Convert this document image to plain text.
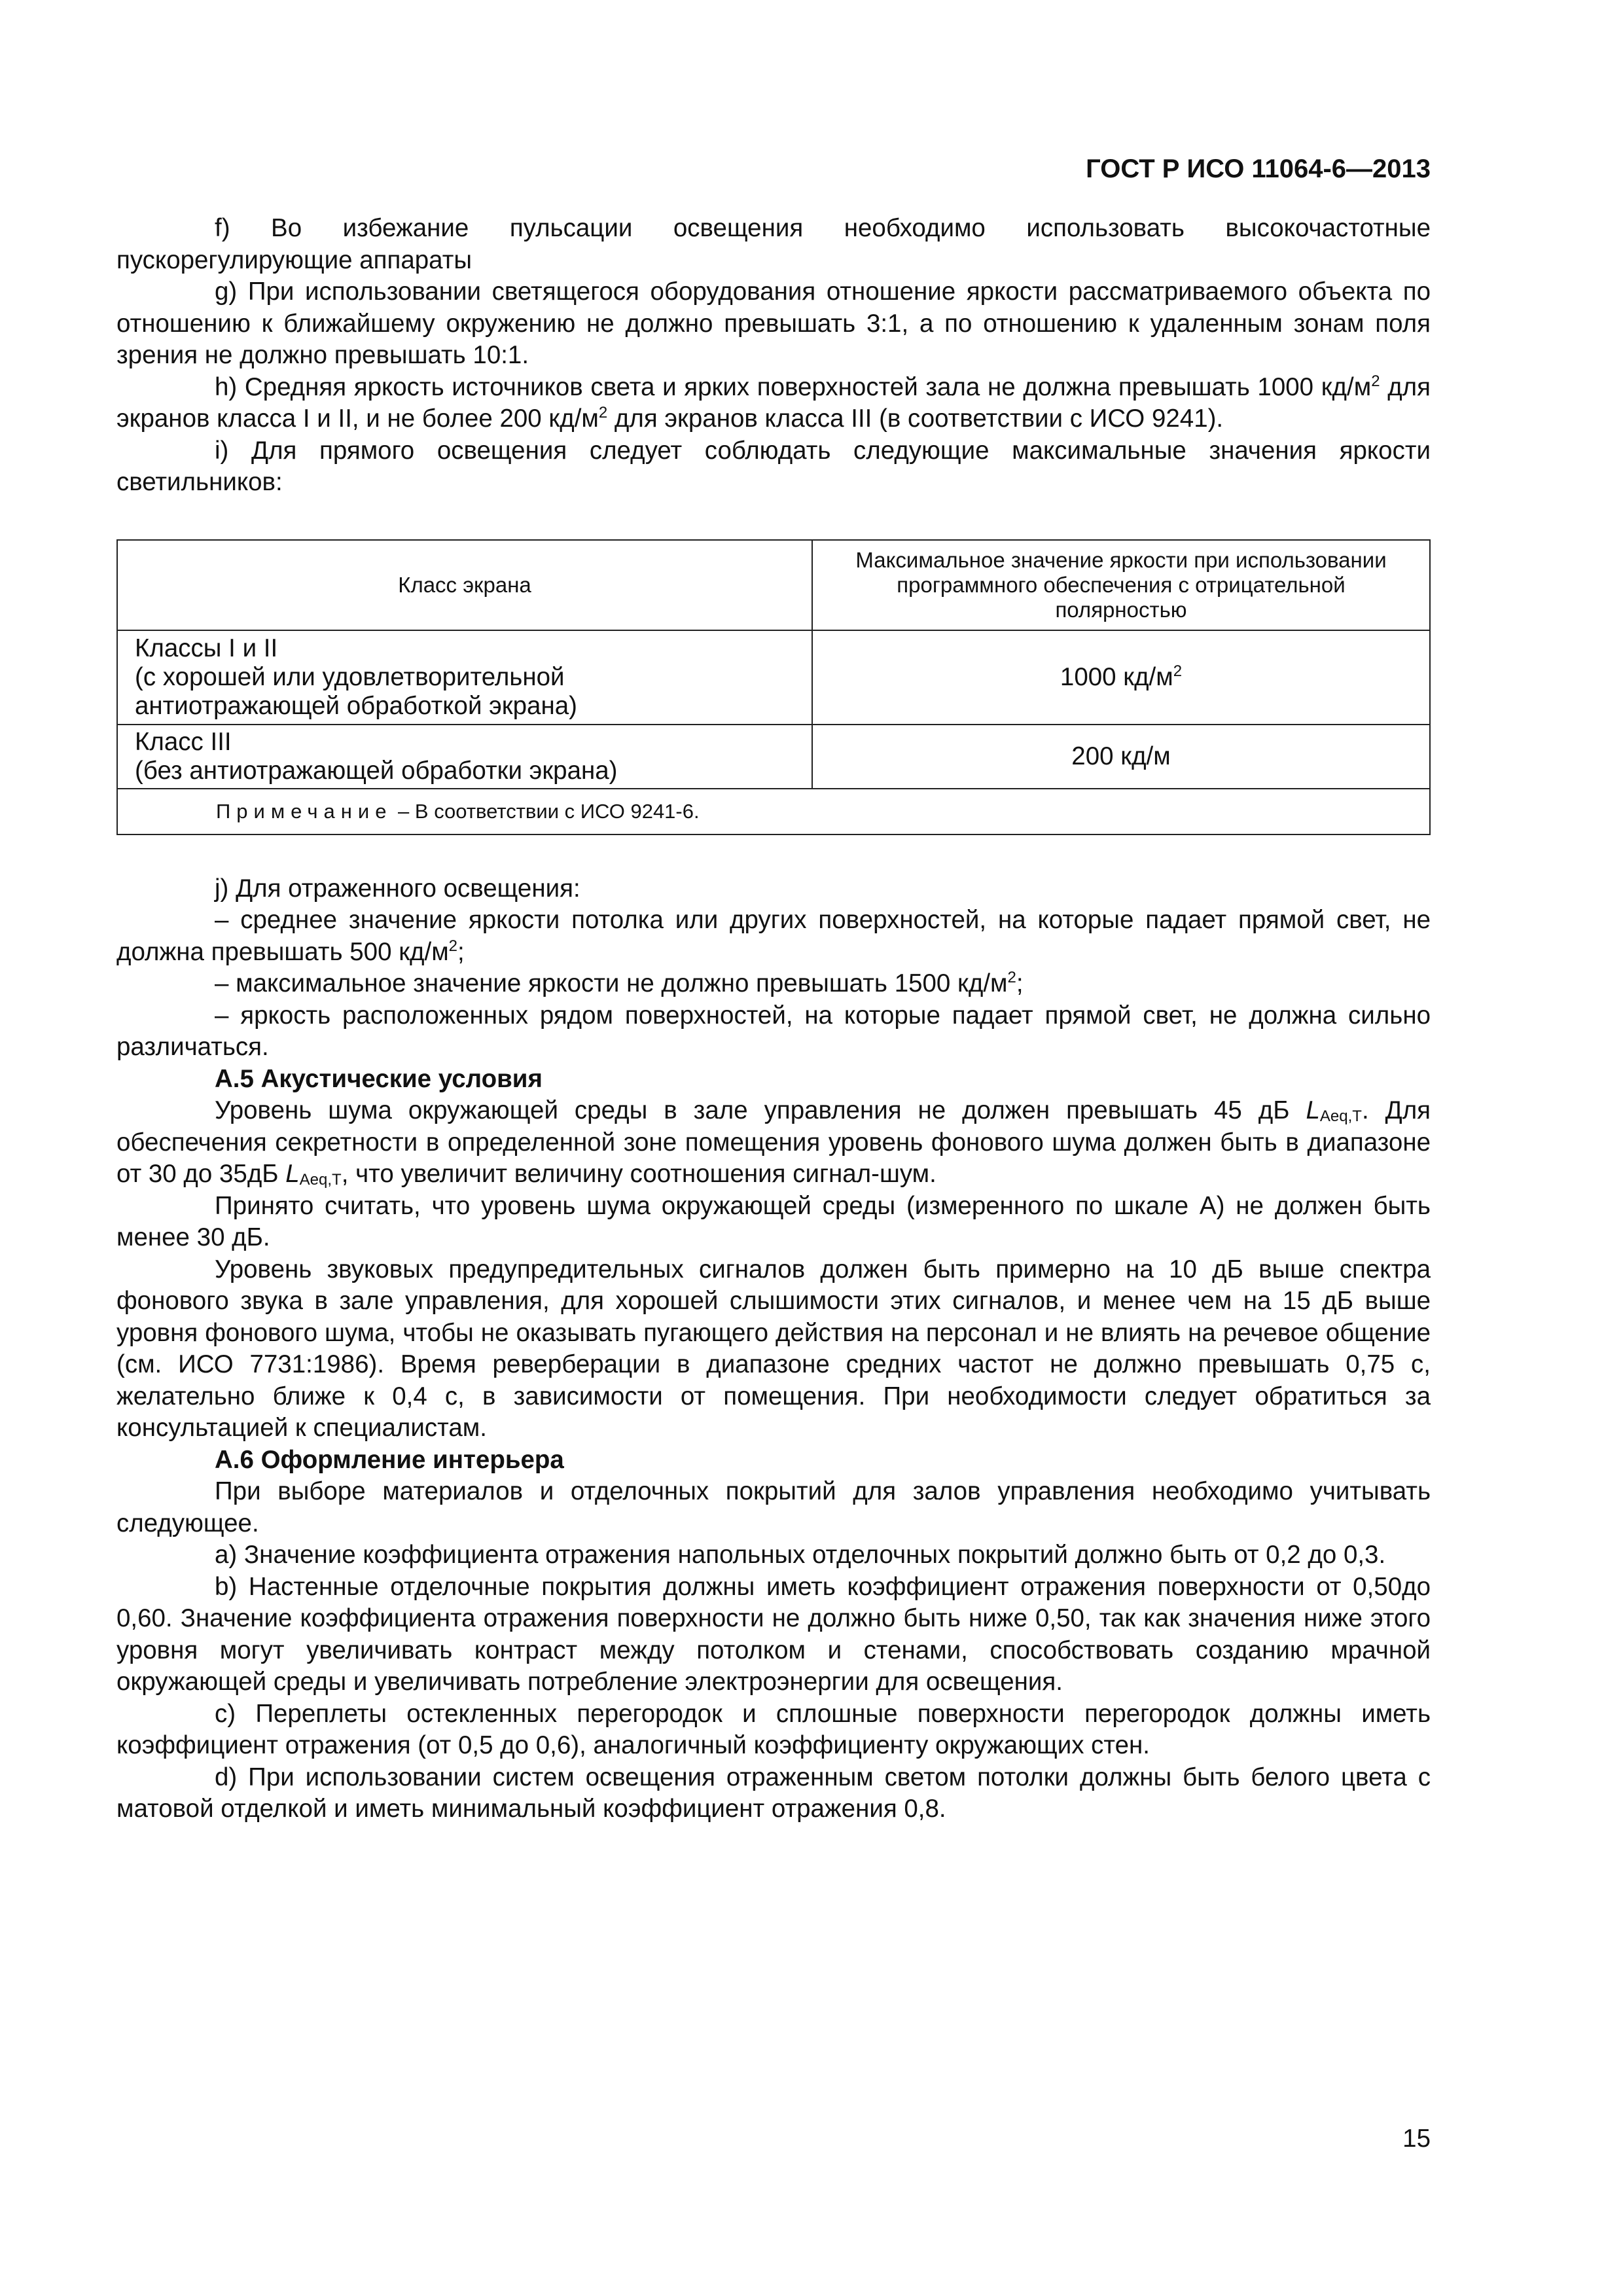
ГОСТ Р ИСО 11064-6—2013

f) Во избежание пульсации освещения необходимо использовать высокочастотные пускорегулирующие аппараты

g) При использовании светящегося оборудования отношение яркости рассматриваемого объекта по отношению к ближайшему окружению не должно превышать 3:1, а по отношению к удаленным зонам поля зрения не должно превышать 10:1.

h) Средняя яркость источников света и ярких поверхностей зала не должна превышать 1000 $кд/м^2$ для экранов класса I и II, и не более 200 $кд/м^2$ для экранов класса III (в соответствии с ИСО 9241).

i) Для прямого освещения следует соблюдать следующие максимальные значения яркости светильников:

Класс экрана	Максимальное значение яркости при использовании программного обеспечения с отрицательной полярностью

Классы I и II
(с хорошей или удовлетворительной
антиотражающей обработкой экрана)	1000 $кд/м^2$

Класс III
(без антиотражающей обработки экрана)	200 кд/м
Примечание – В соответствии с ИСО 9241-6.	

j) Для отраженного освещения:

– среднее значение яркости потолка или других поверхностей, на которые падает прямой свет, не должна превышать 500 $кд/м^2$;

– максимальное значение яркости не должно превышать 1500 $кд/м^2$;

– яркость расположенных рядом поверхностей, на которые падает прямой свет, не должна сильно различаться.

А.5 Акустические условия

Уровень шума окружающей среды в зале управления не должен превышать 45 дБ $L_{Aeq,T}$. Для обеспечения секретности в определенной зоне помещения уровень фонового шума должен быть в диапазоне от 30 до 35дБ $L_{Aeq,T}$, что увеличит величину соотношения сигнал-шум.

Принято считать, что уровень шума окружающей среды (измеренного по шкале А) не должен быть менее 30 дБ.

Уровень звуковых предупредительных сигналов должен быть примерно на 10 дБ выше спектра фонового звука в зале управления, для хорошей слышимости этих сигналов, и менее чем на 15 дБ выше уровня фонового шума, чтобы не оказывать пугающего действия на персонал и не влиять на речевое общение (см. ИСО 7731:1986). Время реверберации в диапазоне средних частот не должно превышать 0,75 с, желательно ближе к 0,4 с, в зависимости от помещения. При необходимости следует обратиться за консультацией к специалистам.

А.6 Оформление интерьера

При выборе материалов и отделочных покрытий для залов управления необходимо учитывать следующее.

а) Значение коэффициента отражения напольных отделочных покрытий должно быть от 0,2 до 0,3.

b) Настенные отделочные покрытия должны иметь коэффициент отражения поверхности от 0,50до 0,60. Значение коэффициента отражения поверхности не должно быть ниже 0,50, так как значения ниже этого уровня могут увеличивать контраст между потолком и стенами, способствовать созданию мрачной окружающей среды и увеличивать потребление электроэнергии для освещения.

с) Переплеты остекленных перегородок и сплошные поверхности перегородок должны иметь коэффициент отражения (от 0,5 до 0,6), аналогичный коэффициенту окружающих стен.

d) При использовании систем освещения отраженным светом потолки должны быть белого цвета с матовой отделкой и иметь минимальный коэффициент отражения 0,8.

15
